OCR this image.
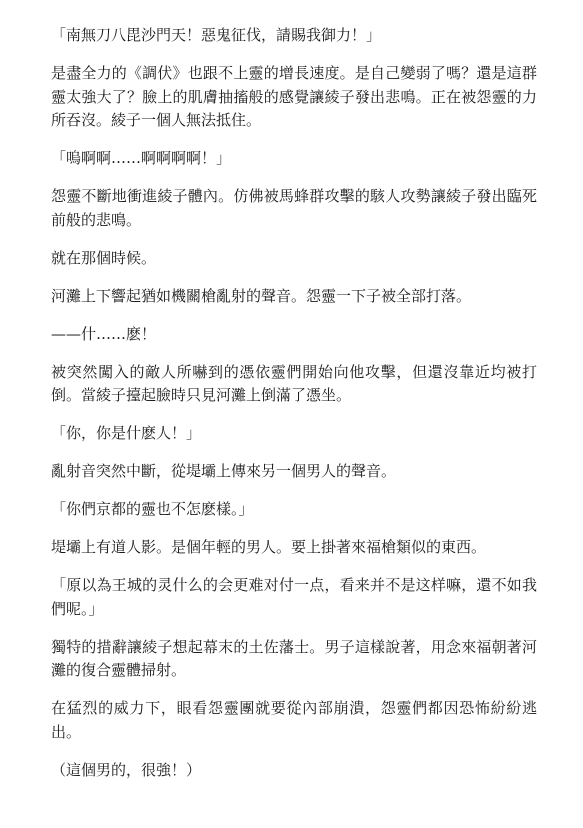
「南無刀八毘沙門天！惡鬼征伐，請賜我御力！」

是盡全力的《調伏》也跟不上靈的增長速度。是自己變弱了嗎？還是這群靈太強大了？臉上的肌膚抽搐般的感覺讓綾子發出悲鳴。正在被怨靈的力所吞沒。綾子一個人無法抵住。

「嗚啊啊……啊啊啊啊！」

怨靈不斷地衝進綾子體內。仿佛被馬蜂群攻擊的駭人攻勢讓綾子發出臨死前般的悲鳴。

就在那個時候。

河灘上下響起猶如機關槍亂射的聲音。怨靈一下子被全部打落。

——什……麽！

被突然闖入的敵人所嚇到的憑依靈們開始向他攻擊，但還沒靠近均被打倒。當綾子擡起臉時只見河灘上倒滿了憑坐。

「你，你是什麽人！」

亂射音突然中斷，從堤壩上傳來另一個男人的聲音。

「你們京都的靈也不怎麽樣。」

堤壩上有道人影。是個年輕的男人。要上掛著來福槍類似的東西。

「原以為王城的灵什么的会更难对付一点，看来并不是这样嘛，還不如我們呢。」

獨特的措辭讓綾子想起幕末的土佐藩士。男子這樣說著，用念來福朝著河灘的復合靈體掃射。

在猛烈的威力下，眼看怨靈團就要從內部崩潰，怨靈們都因恐怖紛紛逃出。

（這個男的，很強！）
